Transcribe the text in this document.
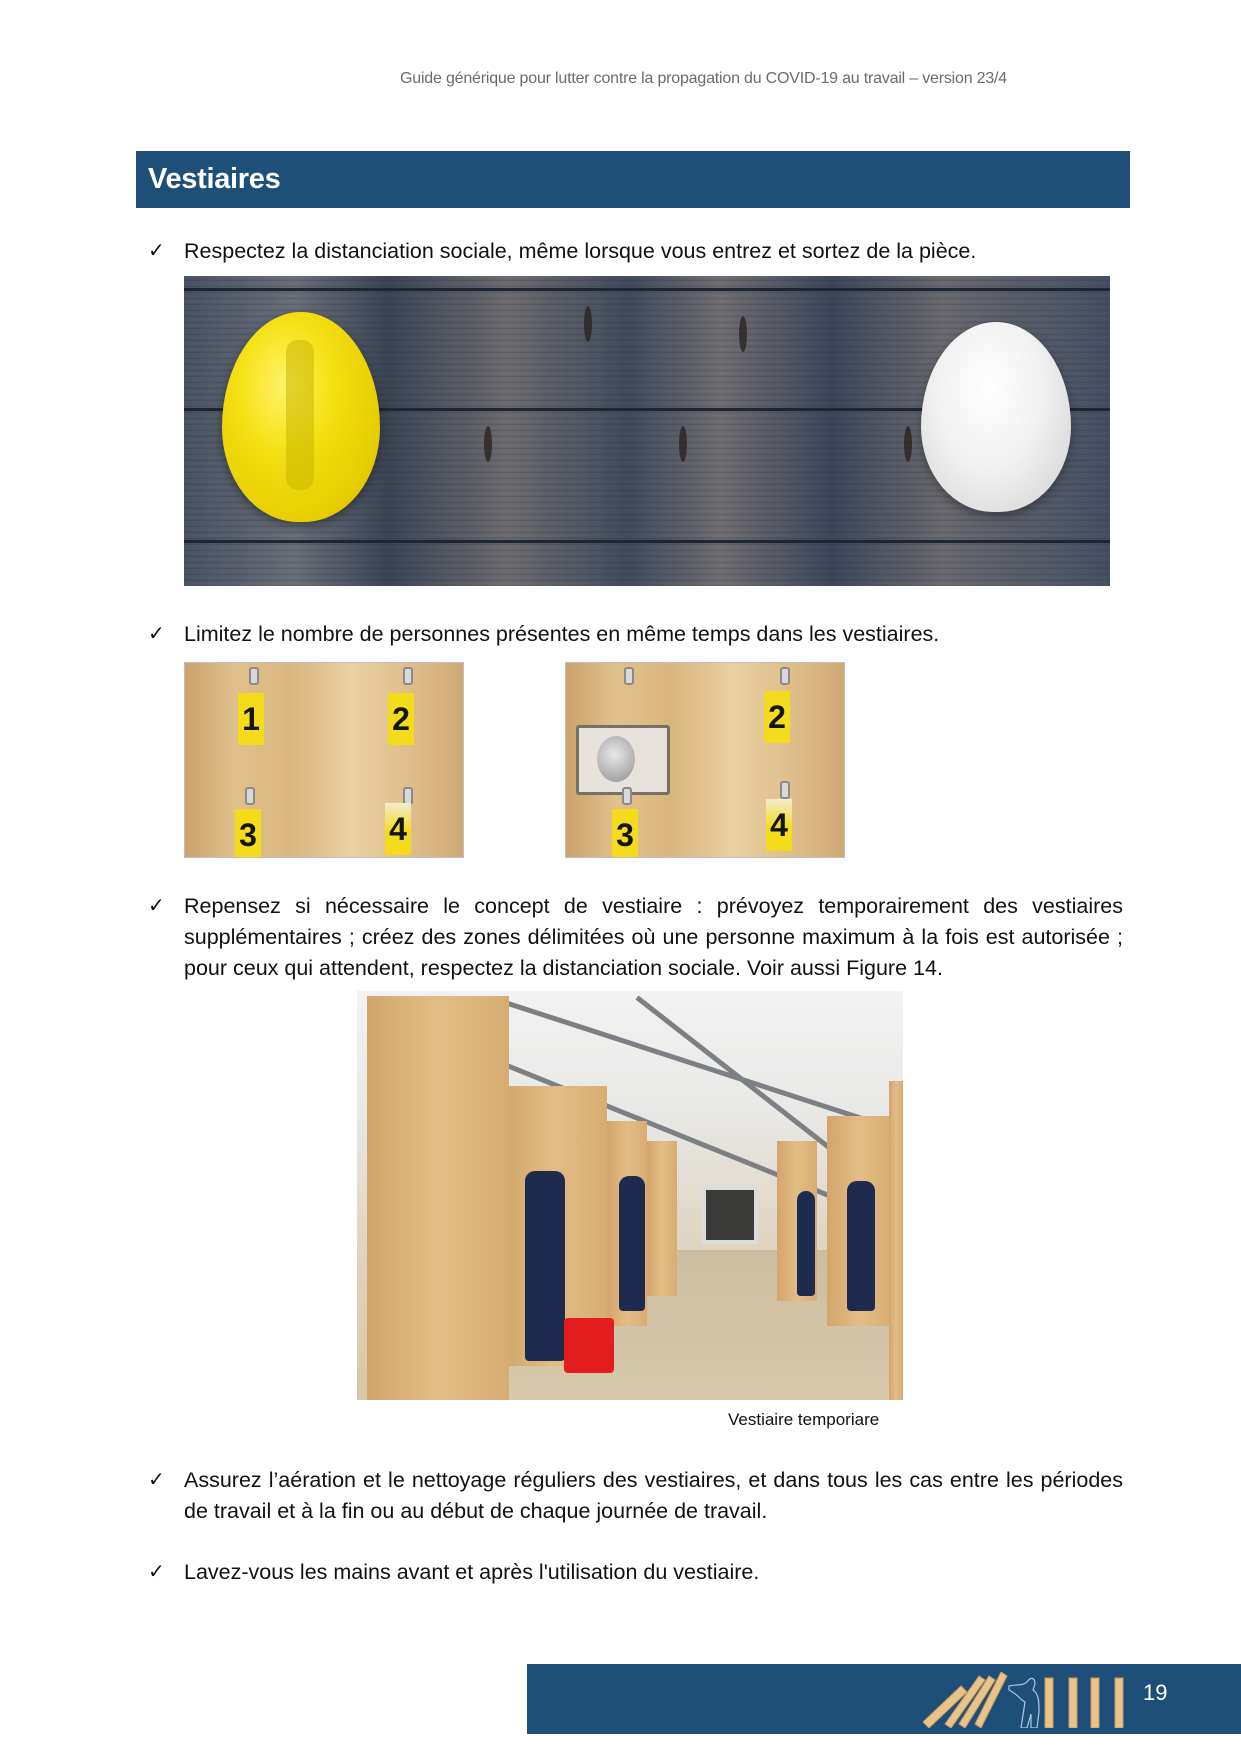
Guide générique pour lutter contre la propagation du COVID-19 au travail – version 23/4
Vestiaires
✓ Respectez la distanciation sociale, même lorsque vous entrez et sortez de la pièce.
✓ Limitez le nombre de personnes présentes en même temps dans les vestiaires.
1	2
3	4
2
3	4
✓ Repensez si nécessaire le concept de vestiaire : prévoyez temporairement des vestiaires supplémentaires ; créez des zones délimitées où une personne maximum à la fois est autorisée ; pour ceux qui attendent, respectez la distanciation sociale. Voir aussi Figure 14.
Vestiaire temporiare
✓ Assurez l’aération et le nettoyage réguliers des vestiaires, et dans tous les cas entre les périodes de travail et à la fin ou au début de chaque journée de travail.
✓ Lavez-vous les mains avant et après l'utilisation du vestiaire.
19
